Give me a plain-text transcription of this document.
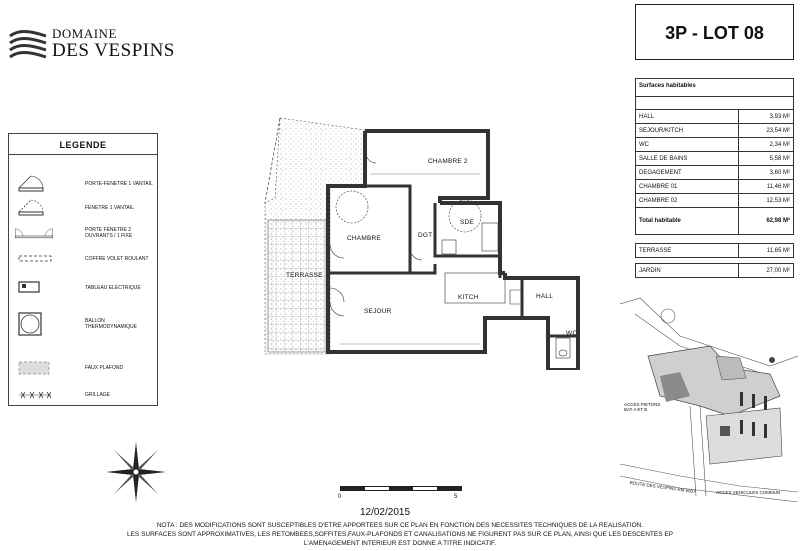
DOMAINE
DES VESPINS
LEGENDE
PORTE-FENETRE 1 VANTAIL
FENETRE 1 VANTAIL
PORTE FENETRE 2 OUVRANTS / 1 FIXE
COFFRE VOLET ROULANT
TABLEAU ELECTRIQUE
BALLON THERMODYNAMIQUE
FAUX PLAFOND
GRILLAGE
3P - LOT 08
Surfaces habitables

HALL	3,93 M²
SEJOUR/KITCH	23,54 M²
WC	2,34 M²
SALLE DE BAINS	5,58 M²
DEGAGEMENT	3,60 M²
CHAMBRE 01	11,46 M²
CHAMBRE 02	12,53 M²
Total habitable	62,98 M²
TERRASSE	11,65 M²

JARDIN	27,00 M²
CHAMBRE 2
CHAMBRE	DGT
SDE
TERRASSE
SEJOUR
KITCH	HALL
WC
ROUTE DES VESPINS RM 6007	ACCES VEHICULES COMMUN
ACCES PIETONS BAT A ET B
0	5
12/02/2015
NOTA : DES MODIFICATIONS SONT SUSCEPTIBLES D'ETRE APPORTEES SUR CE PLAN EN FONCTION DES NECESSITES TECHNIQUES DE LA REALISATION.
LES SURFACES SONT APPROXIMATIVES, LES RETOMBEES,SOFFITES,FAUX-PLAFONDS ET CANALISATIONS NE FIGURENT PAS SUR CE PLAN, AINSI QUE LES DESCENTES EP
L'AMENAGEMENT INTERIEUR EST DONNE A TITRE INDICATIF.
